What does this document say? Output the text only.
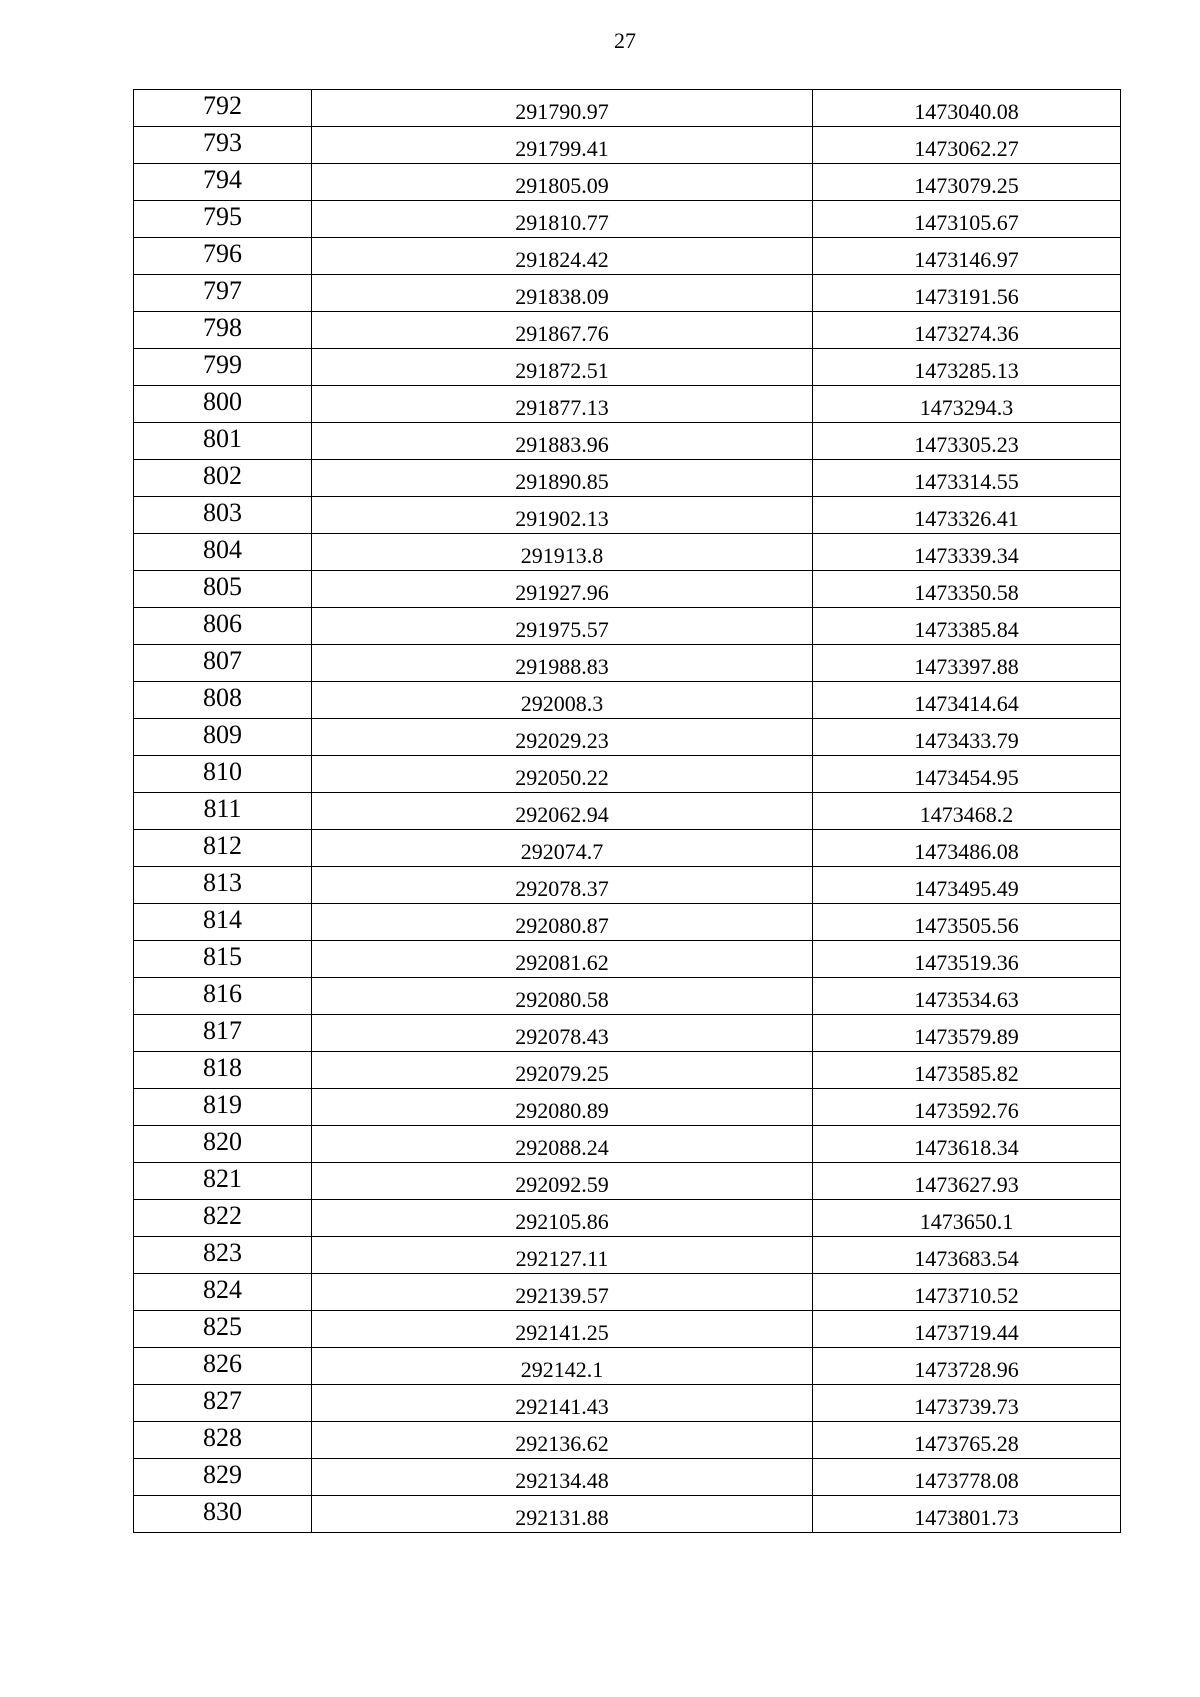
27
792	291790.97	1473040.08
793	291799.41	1473062.27
794	291805.09	1473079.25
795	291810.77	1473105.67
796	291824.42	1473146.97
797	291838.09	1473191.56
798	291867.76	1473274.36
799	291872.51	1473285.13
800	291877.13	1473294.3
801	291883.96	1473305.23
802	291890.85	1473314.55
803	291902.13	1473326.41
804	291913.8	1473339.34
805	291927.96	1473350.58
806	291975.57	1473385.84
807	291988.83	1473397.88
808	292008.3	1473414.64
809	292029.23	1473433.79
810	292050.22	1473454.95
811	292062.94	1473468.2
812	292074.7	1473486.08
813	292078.37	1473495.49
814	292080.87	1473505.56
815	292081.62	1473519.36
816	292080.58	1473534.63
817	292078.43	1473579.89
818	292079.25	1473585.82
819	292080.89	1473592.76
820	292088.24	1473618.34
821	292092.59	1473627.93
822	292105.86	1473650.1
823	292127.11	1473683.54
824	292139.57	1473710.52
825	292141.25	1473719.44
826	292142.1	1473728.96
827	292141.43	1473739.73
828	292136.62	1473765.28
829	292134.48	1473778.08
830	292131.88	1473801.73
